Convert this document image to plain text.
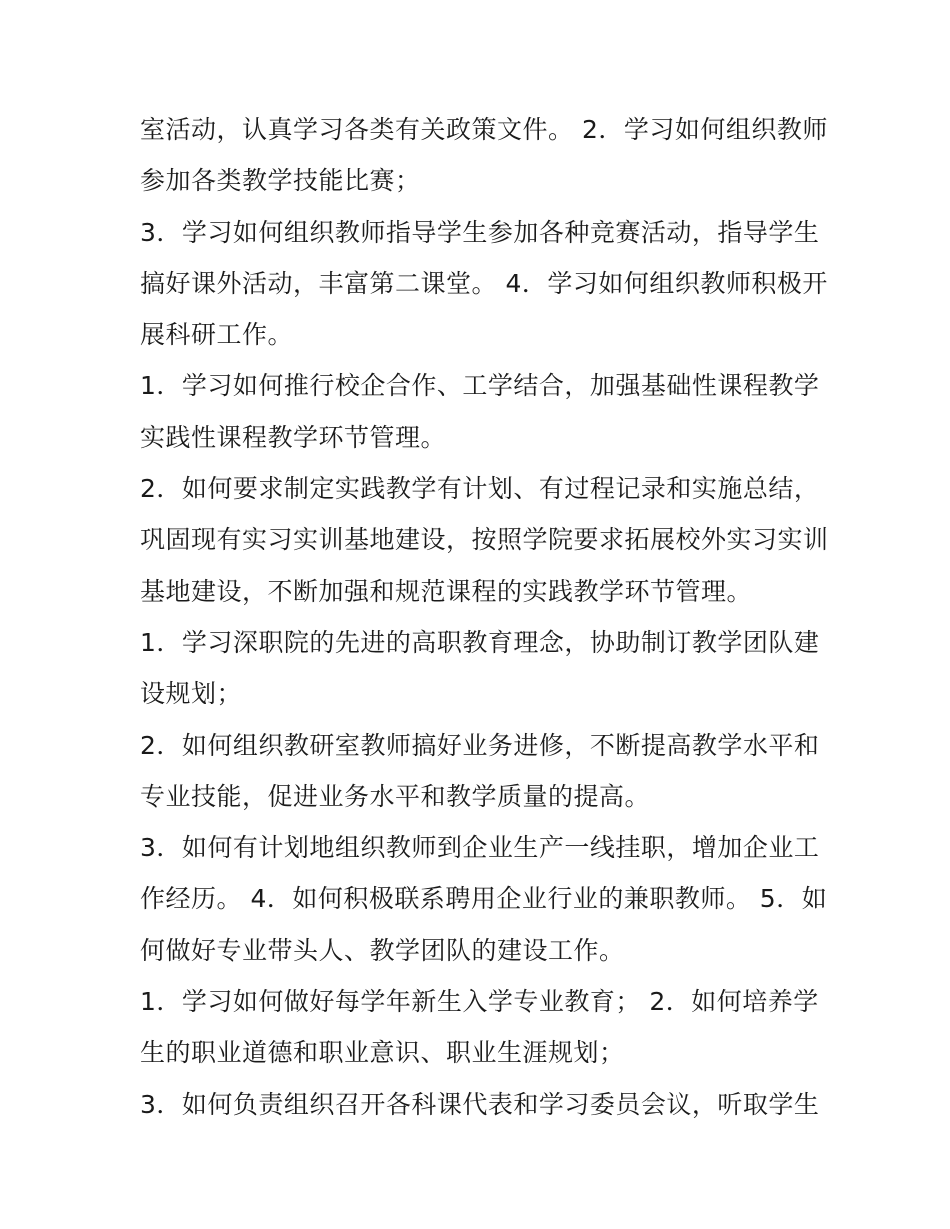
室活动，认真学习各类有关政策文件。 2．学习如何组织教师
参加各类教学技能比赛；
3．学习如何组织教师指导学生参加各种竞赛活动，指导学生
搞好课外活动，丰富第二课堂。 4．学习如何组织教师积极开
展科研工作。
1．学习如何推行校企合作、工学结合，加强基础性课程教学
实践性课程教学环节管理。
2．如何要求制定实践教学有计划、有过程记录和实施总结，
巩固现有实习实训基地建设，按照学院要求拓展校外实习实训
基地建设，不断加强和规范课程的实践教学环节管理。
1．学习深职院的先进的高职教育理念，协助制订教学团队建
设规划；
2．如何组织教研室教师搞好业务进修，不断提高教学水平和
专业技能，促进业务水平和教学质量的提高。
3．如何有计划地组织教师到企业生产一线挂职，增加企业工
作经历。 4．如何积极联系聘用企业行业的兼职教师。 5．如
何做好专业带头人、教学团队的建设工作。
1．学习如何做好每学年新生入学专业教育； 2．如何培养学
生的职业道德和职业意识、职业生涯规划；
3．如何负责组织召开各科课代表和学习委员会议，听取学生
